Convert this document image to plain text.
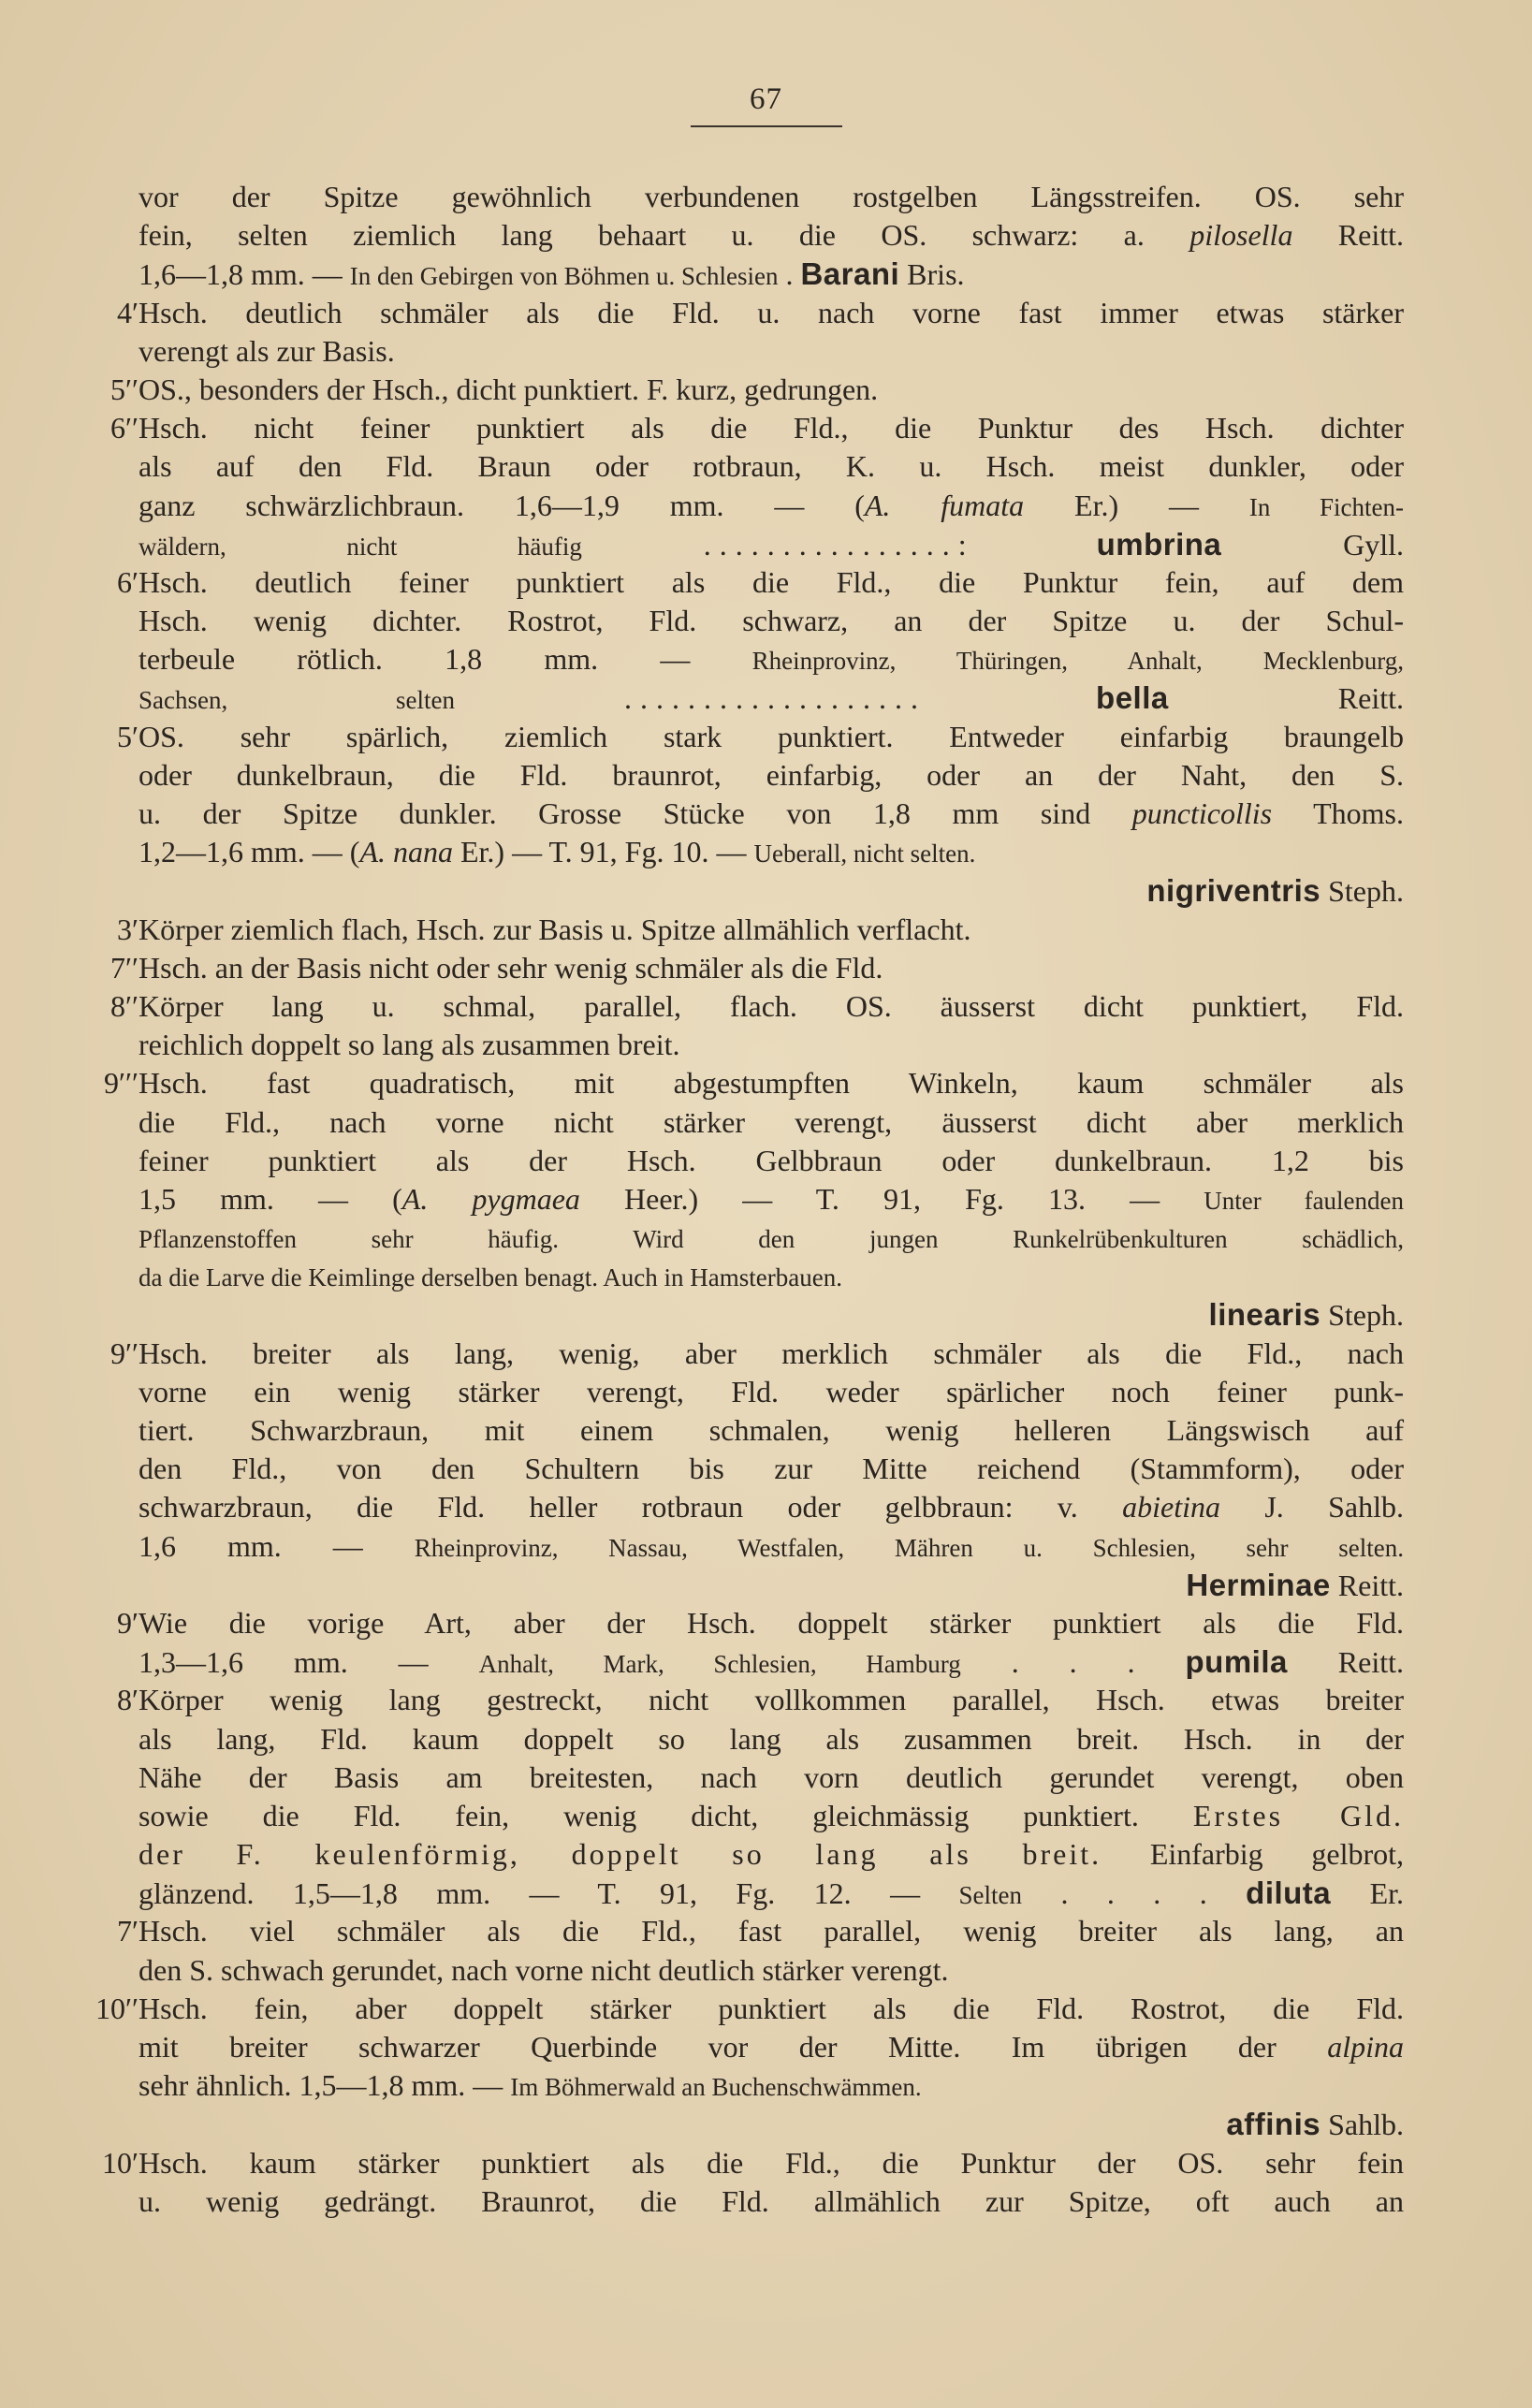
67
vor der Spitze gewöhnlich verbundenen rostgelben Längsstreifen. OS. sehr
fein, selten ziemlich lang behaart u. die OS. schwarz: a. pilosella Reitt.
1,6—1,8 mm. — In den Gebirgen von Böhmen u. Schlesien . Barani Bris.
4′ Hsch. deutlich schmäler als die Fld. u. nach vorne fast immer etwas stärker
verengt als zur Basis.
5′′ OS., besonders der Hsch., dicht punktiert. F. kurz, gedrungen.
6′′ Hsch. nicht feiner punktiert als die Fld., die Punktur des Hsch. dichter
als auf den Fld. Braun oder rotbraun, K. u. Hsch. meist dunkler, oder
ganz schwärzlichbraun. 1,6—1,9 mm. — (A. fumata Er.) — In Fichten-
wäldern, nicht häufig	................:	umbrina Gyll.
6′ Hsch. deutlich feiner punktiert als die Fld., die Punktur fein, auf dem
Hsch. wenig dichter. Rostrot, Fld. schwarz, an der Spitze u. der Schul-
terbeule rötlich. 1,8 mm. — Rheinprovinz, Thüringen, Anhalt, Mecklenburg,
Sachsen, selten	...................	bella Reitt.
5′ OS. sehr spärlich, ziemlich stark punktiert. Entweder einfarbig braungelb
oder dunkelbraun, die Fld. braunrot, einfarbig, oder an der Naht, den S.
u. der Spitze dunkler. Grosse Stücke von 1,8 mm sind puncticollis Thoms.
1,2—1,6 mm. — (A. nana Er.) — T. 91, Fg. 10. — Ueberall, nicht selten.
nigriventris Steph.
3′ Körper ziemlich flach, Hsch. zur Basis u. Spitze allmählich verflacht.
7′′ Hsch. an der Basis nicht oder sehr wenig schmäler als die Fld.
8′′ Körper lang u. schmal, parallel, flach. OS. äusserst dicht punktiert, Fld.
reichlich doppelt so lang als zusammen breit.
9′′′ Hsch. fast quadratisch, mit abgestumpften Winkeln, kaum schmäler als
die Fld., nach vorne nicht stärker verengt, äusserst dicht aber merklich
feiner punktiert als der Hsch. Gelbbraun oder dunkelbraun. 1,2 bis
1,5 mm. — (A. pygmaea Heer.) — T. 91, Fg. 13. — Unter faulenden
Pflanzenstoffen sehr häufig. Wird den jungen Runkelrübenkulturen schädlich,
da die Larve die Keimlinge derselben benagt. Auch in Hamsterbauen.
linearis Steph.
9′′ Hsch. breiter als lang, wenig, aber merklich schmäler als die Fld., nach
vorne ein wenig stärker verengt, Fld. weder spärlicher noch feiner punk-
tiert. Schwarzbraun, mit einem schmalen, wenig helleren Längswisch auf
den Fld., von den Schultern bis zur Mitte reichend (Stammform), oder
schwarzbraun, die Fld. heller rotbraun oder gelbbraun: v. abietina J. Sahlb.
1,6 mm. — Rheinprovinz, Nassau, Westfalen, Mähren u. Schlesien, sehr selten.
Herminae Reitt.
9′ Wie die vorige Art, aber der Hsch. doppelt stärker punktiert als die Fld.
1,3—1,6 mm. — Anhalt, Mark, Schlesien, Hamburg . . . pumila Reitt.
8′ Körper wenig lang gestreckt, nicht vollkommen parallel, Hsch. etwas breiter
als lang, Fld. kaum doppelt so lang als zusammen breit. Hsch. in der
Nähe der Basis am breitesten, nach vorn deutlich gerundet verengt, oben
sowie die Fld. fein, wenig dicht, gleichmässig punktiert. Erstes Gld.
der F. keulenförmig, doppelt so lang als breit. Einfarbig gelbrot,
glänzend. 1,5—1,8 mm. — T. 91, Fg. 12. — Selten . . . . diluta Er.
7′ Hsch. viel schmäler als die Fld., fast parallel, wenig breiter als lang, an
den S. schwach gerundet, nach vorne nicht deutlich stärker verengt.
10′′ Hsch. fein, aber doppelt stärker punktiert als die Fld. Rostrot, die Fld.
mit breiter schwarzer Querbinde vor der Mitte. Im übrigen der alpina
sehr ähnlich. 1,5—1,8 mm. — Im Böhmerwald an Buchenschwämmen.
affinis Sahlb.
10′ Hsch. kaum stärker punktiert als die Fld., die Punktur der OS. sehr fein
u. wenig gedrängt. Braunrot, die Fld. allmählich zur Spitze, oft auch an
